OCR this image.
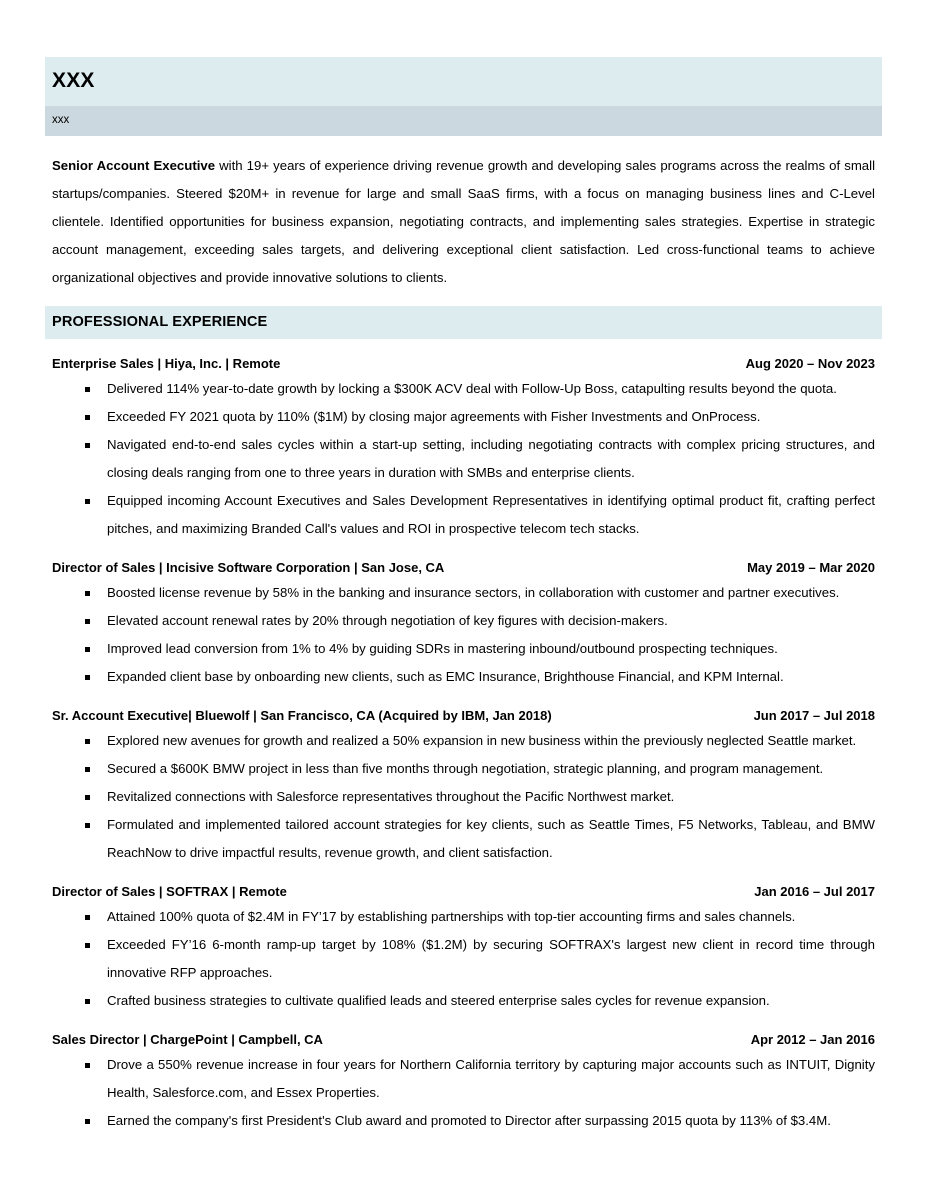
XXX
xxx
Senior Account Executive with 19+ years of experience driving revenue growth and developing sales programs across the realms of small startups/companies. Steered $20M+ in revenue for large and small SaaS firms, with a focus on managing business lines and C-Level clientele. Identified opportunities for business expansion, negotiating contracts, and implementing sales strategies. Expertise in strategic account management, exceeding sales targets, and delivering exceptional client satisfaction. Led cross-functional teams to achieve organizational objectives and provide innovative solutions to clients.
PROFESSIONAL EXPERIENCE
Enterprise Sales | Hiya, Inc. | Remote	Aug 2020 – Nov 2023
Delivered 114% year-to-date growth by locking a $300K ACV deal with Follow-Up Boss, catapulting results beyond the quota.
Exceeded FY 2021 quota by 110% ($1M) by closing major agreements with Fisher Investments and OnProcess.
Navigated end-to-end sales cycles within a start-up setting, including negotiating contracts with complex pricing structures, and closing deals ranging from one to three years in duration with SMBs and enterprise clients.
Equipped incoming Account Executives and Sales Development Representatives in identifying optimal product fit, crafting perfect pitches, and maximizing Branded Call's values and ROI in prospective telecom tech stacks.
Director of Sales | Incisive Software Corporation | San Jose, CA	May 2019 – Mar 2020
Boosted license revenue by 58% in the banking and insurance sectors, in collaboration with customer and partner executives.
Elevated account renewal rates by 20% through negotiation of key figures with decision-makers.
Improved lead conversion from 1% to 4% by guiding SDRs in mastering inbound/outbound prospecting techniques.
Expanded client base by onboarding new clients, such as EMC Insurance, Brighthouse Financial, and KPM Internal.
Sr. Account Executive| Bluewolf | San Francisco, CA (Acquired by IBM, Jan 2018)	Jun 2017 – Jul 2018
Explored new avenues for growth and realized a 50% expansion in new business within the previously neglected Seattle market.
Secured a $600K BMW project in less than five months through negotiation, strategic planning, and program management.
Revitalized connections with Salesforce representatives throughout the Pacific Northwest market.
Formulated and implemented tailored account strategies for key clients, such as Seattle Times, F5 Networks, Tableau, and BMW ReachNow to drive impactful results, revenue growth, and client satisfaction.
Director of Sales | SOFTRAX | Remote	Jan 2016 – Jul 2017
Attained 100% quota of $2.4M in FY’17 by establishing partnerships with top-tier accounting firms and sales channels.
Exceeded FY’16 6-month ramp-up target by 108% ($1.2M) by securing SOFTRAX's largest new client in record time through innovative RFP approaches.
Crafted business strategies to cultivate qualified leads and steered enterprise sales cycles for revenue expansion.
Sales Director | ChargePoint | Campbell, CA	Apr 2012 – Jan 2016
Drove a 550% revenue increase in four years for Northern California territory by capturing major accounts such as INTUIT, Dignity Health, Salesforce.com, and Essex Properties.
Earned the company's first President's Club award and promoted to Director after surpassing 2015 quota by 113% of $3.4M.
